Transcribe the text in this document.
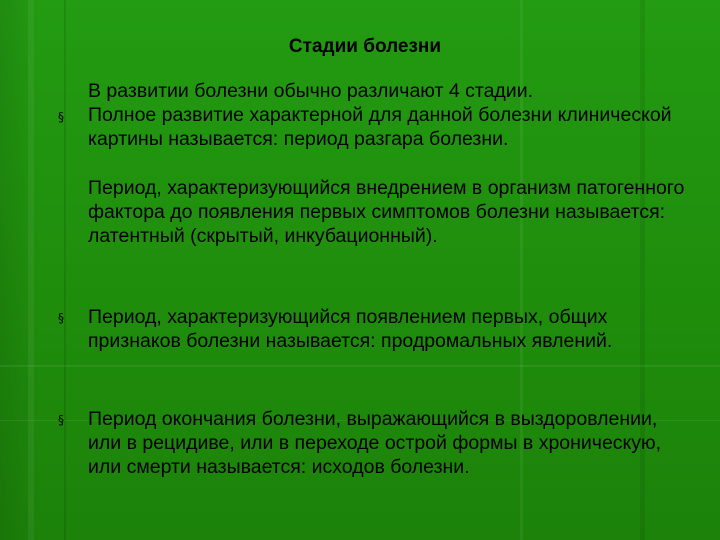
Стадии болезни
В развитии болезни обычно различают 4 стадии.
§ Полное развитие характерной для данной болезни клинической картины называется: период разгара болезни.
Период, характеризующийся внедрением в организм патогенного фактора до появления первых симптомов болезни называется: латентный (скрытый, инкубационный).
§ Период, характеризующийся появлением первых, общих признаков болезни называется: продромальных явлений.
§ Период окончания болезни, выражающийся в выздоровлении, или в рецидиве, или в переходе острой формы в хроническую, или смерти называется: исходов болезни.
